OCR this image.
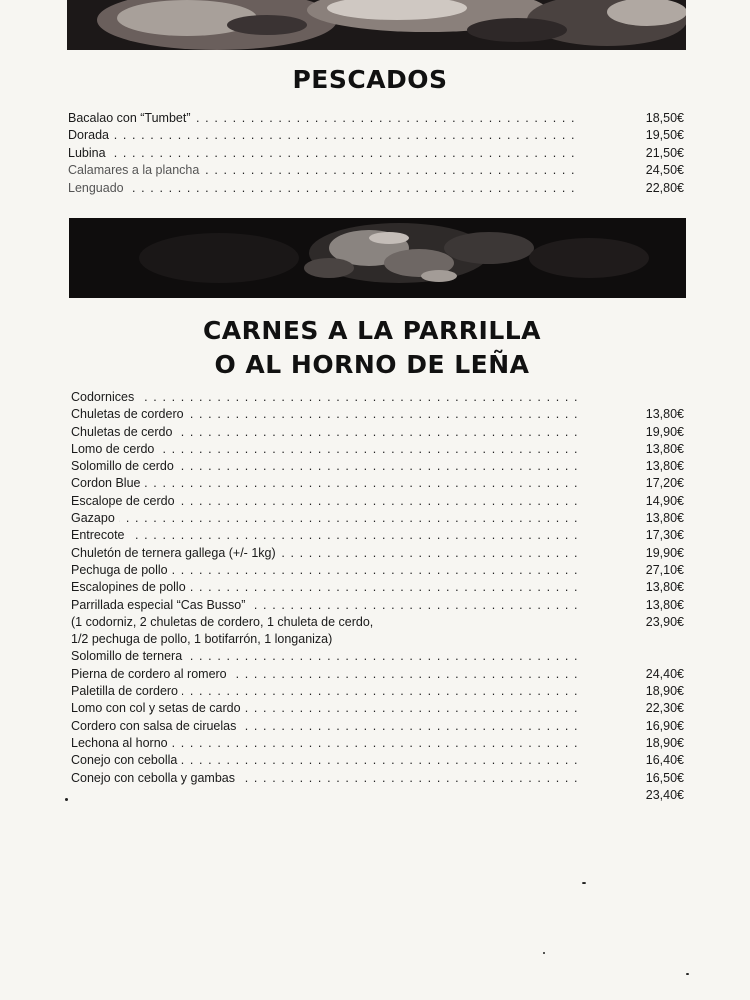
PESCADOS
. . .
Bacalao con “Tumbet”	18,50€
. . .
Dorada	19,50€
. . .
Lubina	21,50€
. . .
Calamares a la plancha	24,50€
. . .
Lenguado	22,80€
CARNES A LA PARRILLA
O AL HORNO DE LEÑA
. . .
Codornices
. . .
Chuletas de cordero	13,80€
. . .
Chuletas de cerdo	19,90€
. . .
Lomo de cerdo	13,80€
. . .
Solomillo de cerdo	13,80€
. . .
Cordon Blue	17,20€
. . .
Escalope de cerdo	14,90€
. . .
Gazapo	13,80€
. . .
Entrecote	17,30€
. . .
Chuletón de ternera gallega (+/- 1kg)	19,90€
. . .
Pechuga de pollo	27,10€
. . .
Escalopines de pollo	13,80€
. . .
Parrillada especial “Cas Busso”	13,80€
(1 codorniz, 2 chuletas de cordero, 1 chuleta de cerdo,	23,90€
1/2 pechuga de pollo, 1 botifarrón, 1 longaniza)
. . .
Solomillo de ternera
. . .
Pierna de cordero al romero	24,40€
. . .
Paletilla de cordero	18,90€
. . .
Lomo con col y setas de cardo	22,30€
. . .
Cordero con salsa de ciruelas	16,90€
. . .
Lechona al horno	18,90€
. . .
Conejo con cebolla	16,40€
. . .
Conejo con cebolla y gambas	16,50€
23,40€
